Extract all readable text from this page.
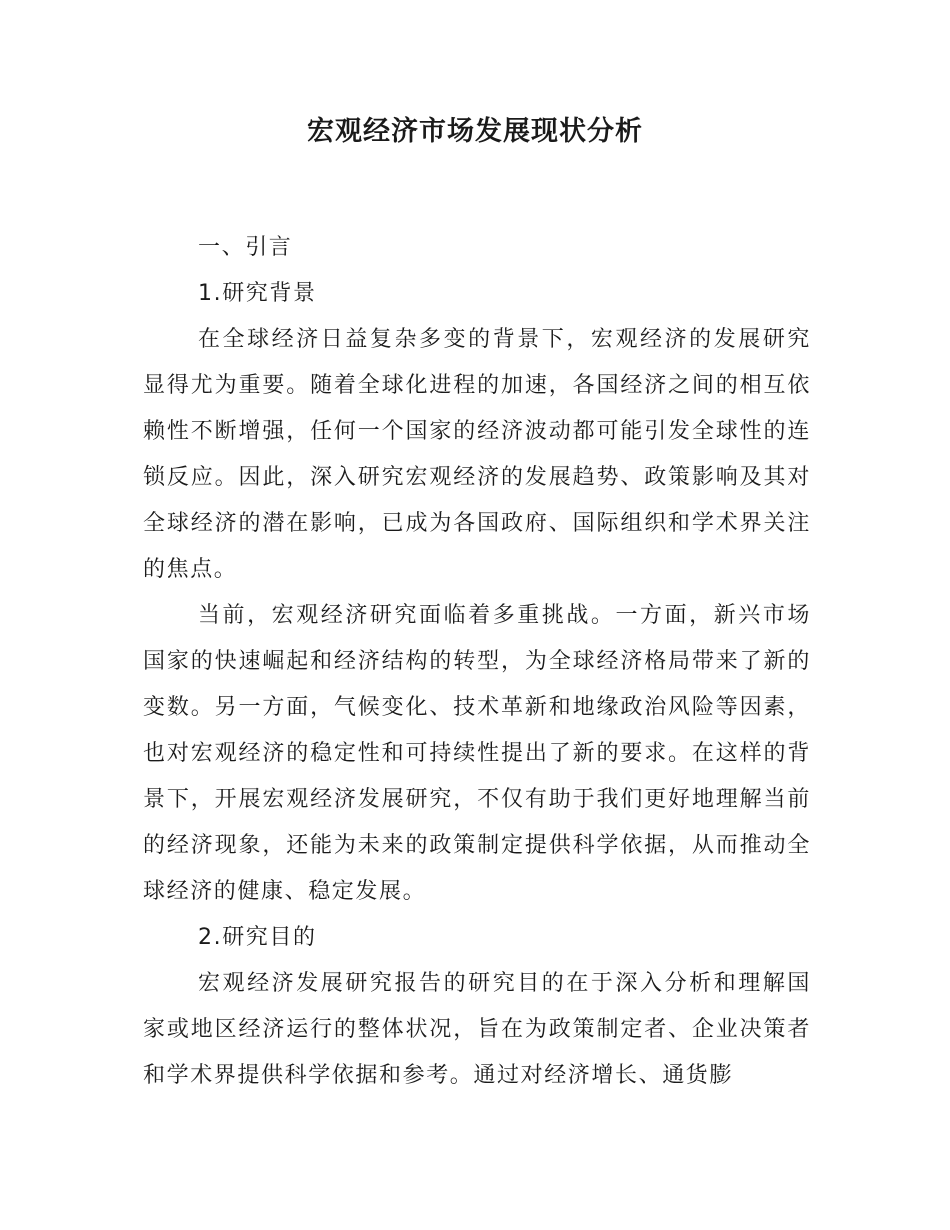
宏观经济市场发展现状分析

一、引言

1.研究背景

在全球经济日益复杂多变的背景下，宏观经济的发展研究显得尤为重要。随着全球化进程的加速，各国经济之间的相互依赖性不断增强，任何一个国家的经济波动都可能引发全球性的连锁反应。因此，深入研究宏观经济的发展趋势、政策影响及其对全球经济的潜在影响，已成为各国政府、国际组织和学术界关注的焦点。

当前，宏观经济研究面临着多重挑战。一方面，新兴市场国家的快速崛起和经济结构的转型，为全球经济格局带来了新的变数。另一方面，气候变化、技术革新和地缘政治风险等因素，也对宏观经济的稳定性和可持续性提出了新的要求。在这样的背景下，开展宏观经济发展研究，不仅有助于我们更好地理解当前的经济现象，还能为未来的政策制定提供科学依据，从而推动全球经济的健康、稳定发展。

2.研究目的

宏观经济发展研究报告的研究目的在于深入分析和理解国家或地区经济运行的整体状况，旨在为政策制定者、企业决策者和学术界提供科学依据和参考。通过对经济增长、通货膨
